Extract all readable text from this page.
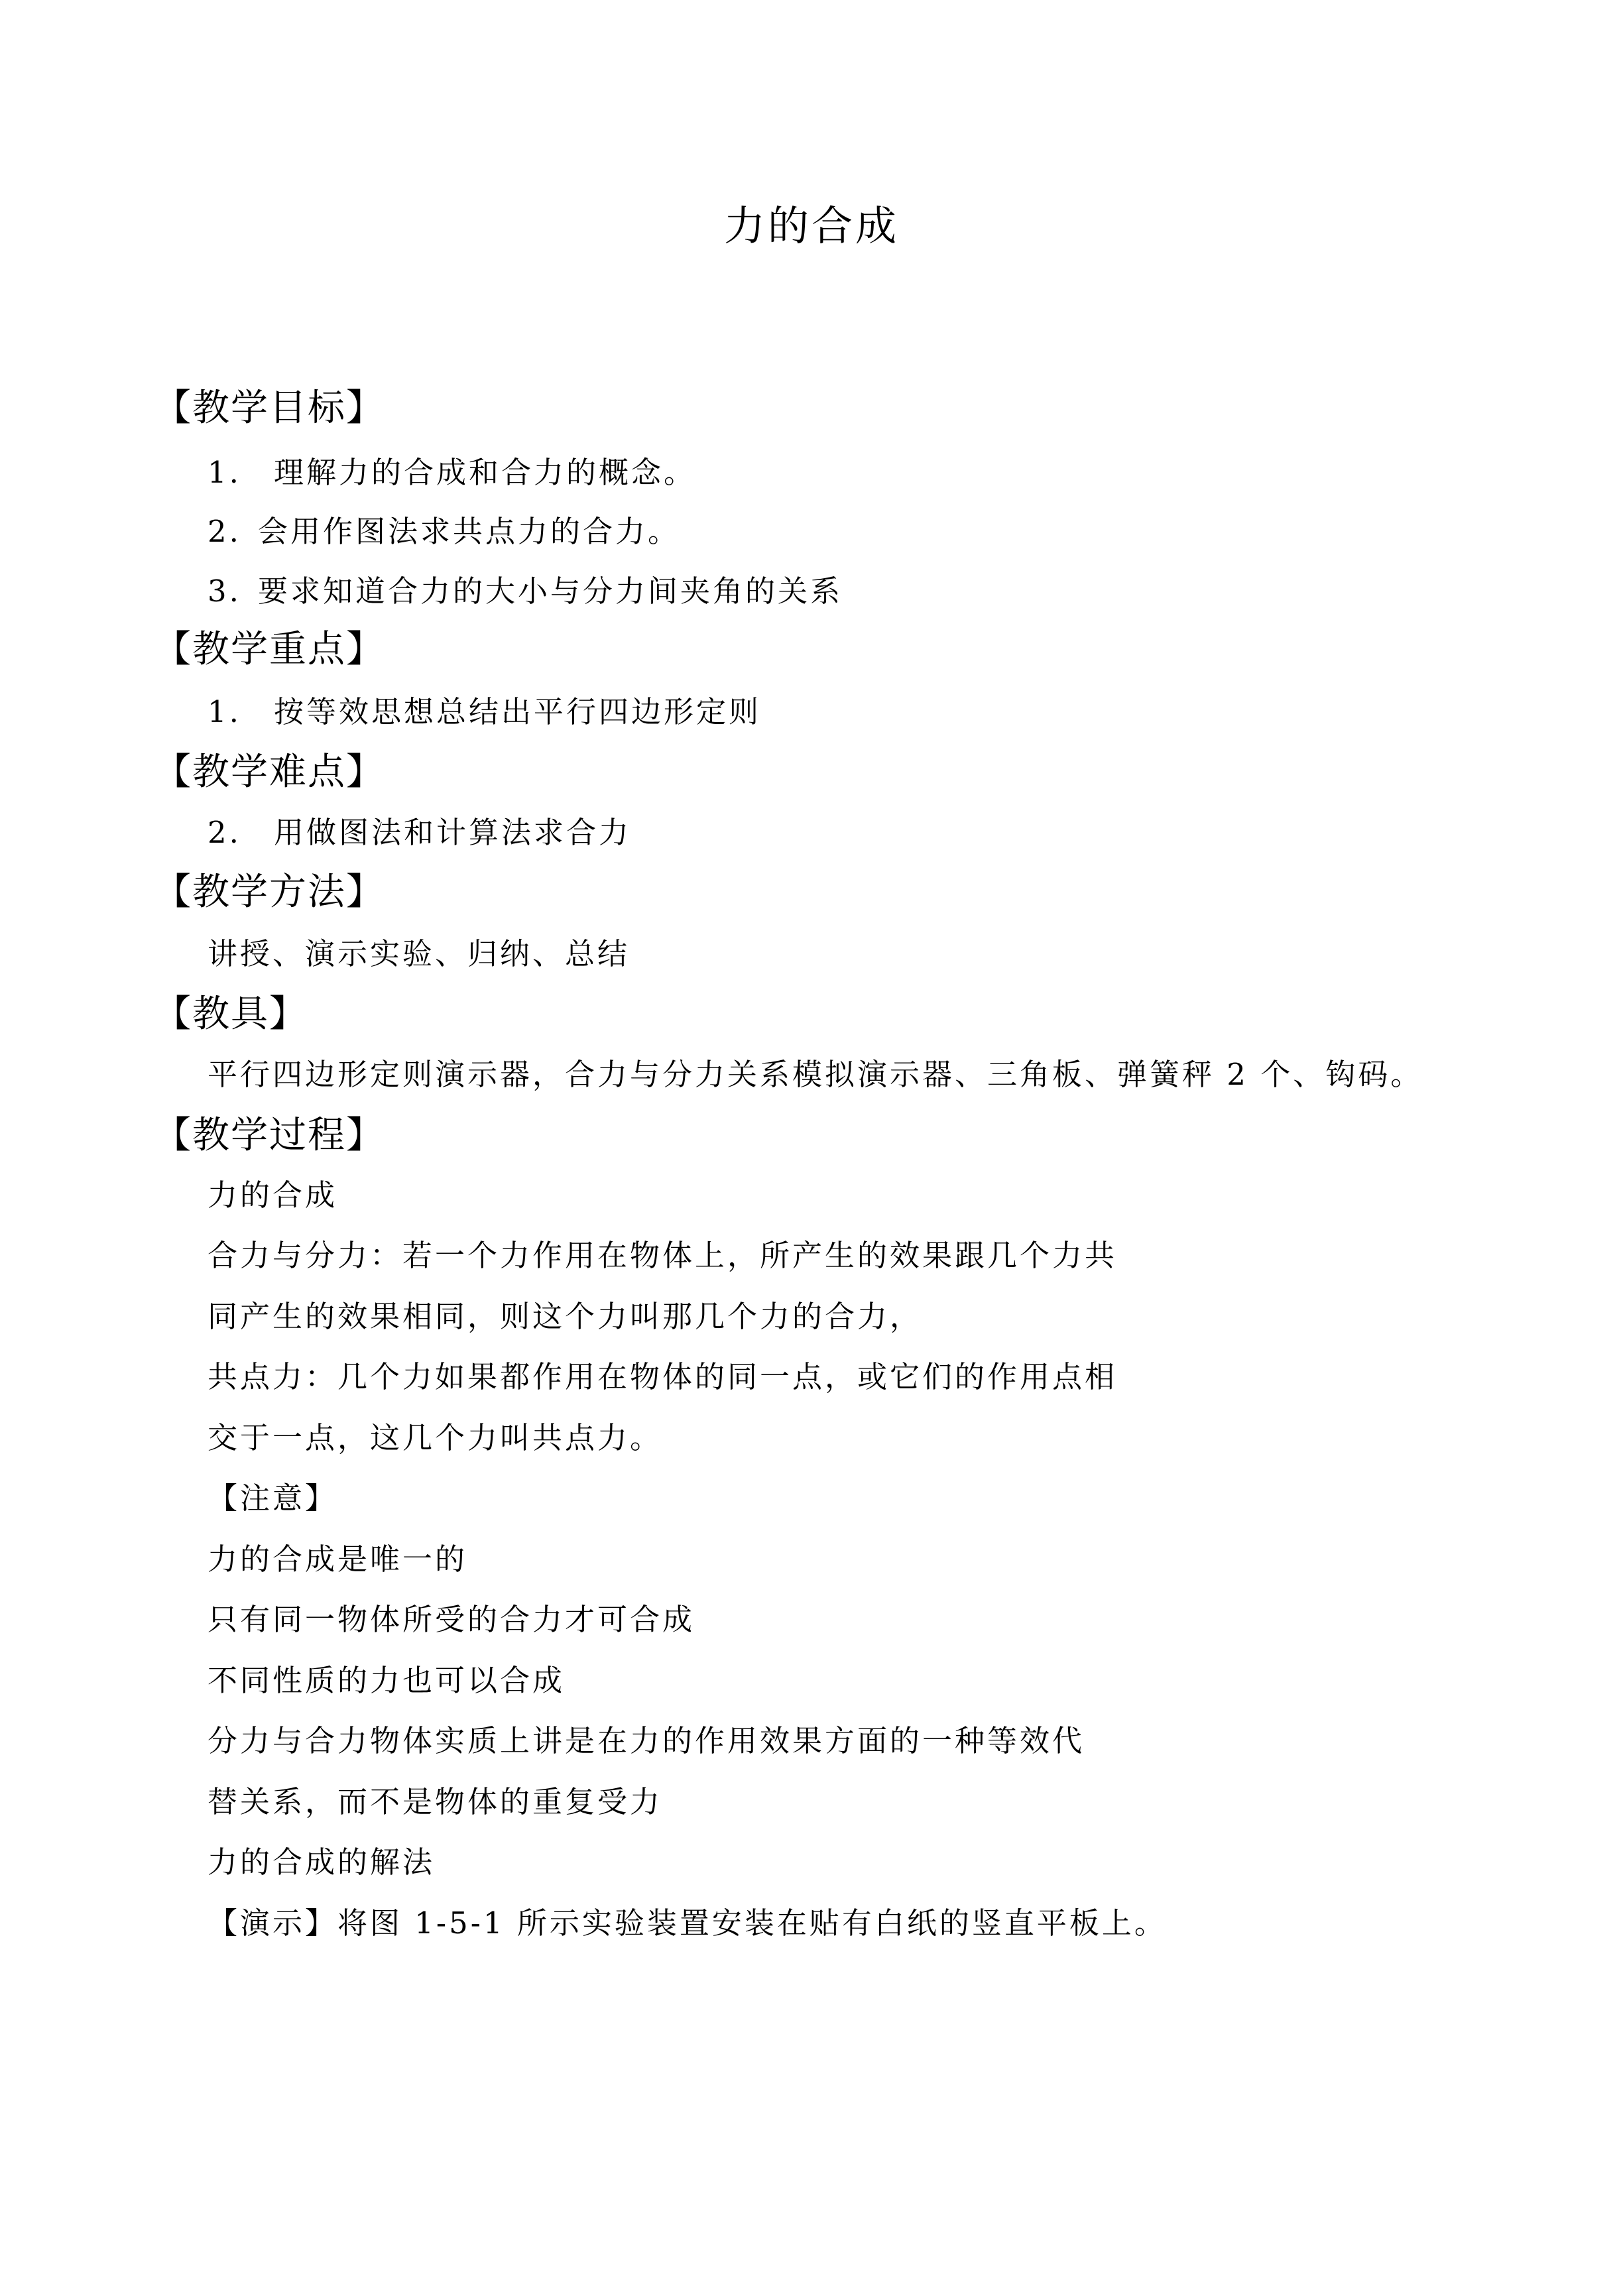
力的合成
【教学目标】
1. 理解力的合成和合力的概念。
2. 会用作图法求共点力的合力。
3. 要求知道合力的大小与分力间夹角的关系
【教学重点】
1. 按等效思想总结出平行四边形定则
【教学难点】
2. 用做图法和计算法求合力
【教学方法】
讲授、演示实验、归纳、总结
【教具】
平行四边形定则演示器，合力与分力关系模拟演示器、三角板、弹簧秤 2 个、钩码。
【教学过程】
力的合成
合力与分力：若一个力作用在物体上，所产生的效果跟几个力共
同产生的效果相同，则这个力叫那几个力的合力，
共点力：几个力如果都作用在物体的同一点，或它们的作用点相
交于一点，这几个力叫共点力。
【注意】
力的合成是唯一的
只有同一物体所受的合力才可合成
不同性质的力也可以合成
分力与合力物体实质上讲是在力的作用效果方面的一种等效代
替关系，而不是物体的重复受力
力的合成的解法
【演示】将图 1-5-1 所示实验装置安装在贴有白纸的竖直平板上。
